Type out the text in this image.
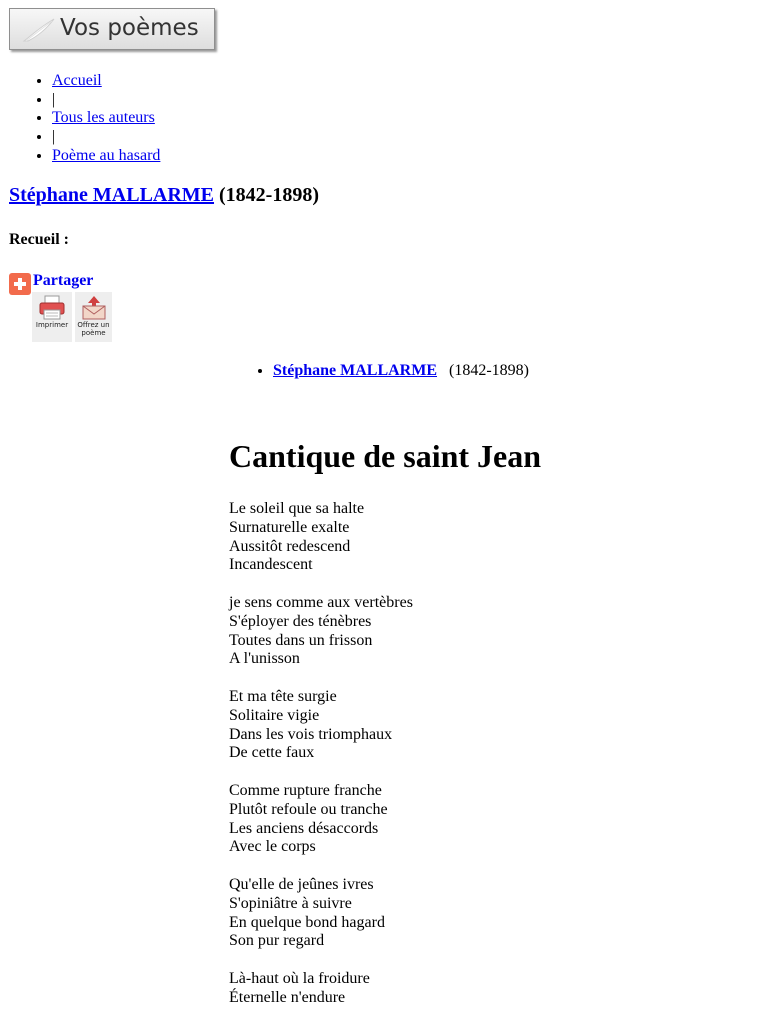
Vos poèmes
• Accueil
• |
• Tous les auteurs
• |
• Poème au hasard
Stéphane MALLARME (1842-1898)
Recueil :
Partager
Imprimer	Offrez un
poème
• Stéphane MALLARME (1842-1898)
Cantique de saint Jean
Le soleil que sa halte
Surnaturelle exalte
Aussitôt redescend
Incandescent
je sens comme aux vertèbres
S'éployer des ténèbres
Toutes dans un frisson
A l'unisson
Et ma tête surgie
Solitaire vigie
Dans les vois triomphaux
De cette faux
Comme rupture franche
Plutôt refoule ou tranche
Les anciens désaccords
Avec le corps
Qu'elle de jeûnes ivres
S'opiniâtre à suivre
En quelque bond hagard
Son pur regard
Là-haut où la froidure
Éternelle n'endure
